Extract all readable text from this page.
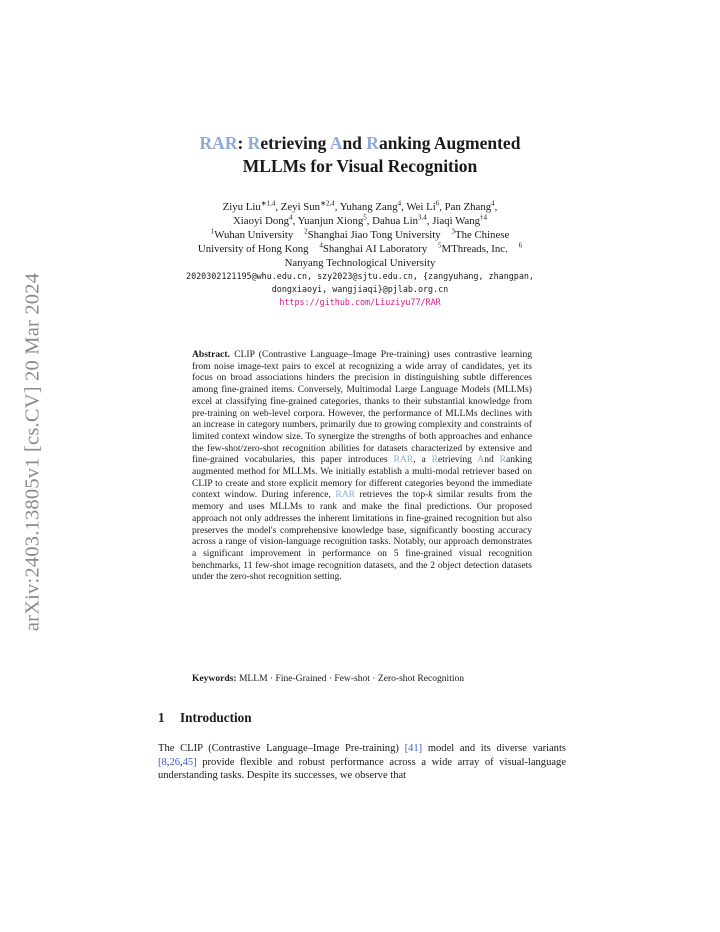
arXiv:2403.13805v1 [cs.CV] 20 Mar 2024
RAR: Retrieving And Ranking Augmented
MLLMs for Visual Recognition
Ziyu Liu$^{∗1,4}$, Zeyi Sun$^{∗2,4}$, Yuhang Zang$^4$, Wei Li$^6$, Pan Zhang$^4$,
Xiaoyi Dong$^4$, Yuanjun Xiong$^5$, Dahua Lin$^{3,4}$, Jiaqi Wang$^{\dagger 4}$
$^1$Wuhan University $^2$Shanghai Jiao Tong University $^3$The Chinese
University of Hong Kong $^4$Shanghai AI Laboratory $^5$MThreads, Inc. $^6$
Nanyang Technological University
2020302121195@whu.edu.cn, szy2023@sjtu.edu.cn, {zangyuhang, zhangpan,
dongxiaoyi, wangjiaqi}@pjlab.org.cn
https://github.com/Liuziyu77/RAR
Abstract. CLIP (Contrastive Language–Image Pre-training) uses contrastive learning from noise image-text pairs to excel at recognizing a wide array of candidates, yet its focus on broad associations hinders the precision in distinguishing subtle differences among fine-grained items. Conversely, Multimodal Large Language Models (MLLMs) excel at classifying fine-grained categories, thanks to their substantial knowledge from pre-training on web-level corpora. However, the performance of MLLMs declines with an increase in category numbers, primarily due to growing complexity and constraints of limited context window size. To synergize the strengths of both approaches and enhance the few-shot/zero-shot recognition abilities for datasets characterized by extensive and fine-grained vocabularies, this paper introduces RAR, a Retrieving And Ranking augmented method for MLLMs. We initially establish a multi-modal retriever based on CLIP to create and store explicit memory for different categories beyond the immediate context window. During inference, RAR retrieves the top-k similar results from the memory and uses MLLMs to rank and make the final predictions. Our proposed approach not only addresses the inherent limitations in fine-grained recognition but also preserves the model's comprehensive knowledge base, significantly boosting accuracy across a range of vision-language recognition tasks. Notably, our approach demonstrates a significant improvement in performance on 5 fine-grained visual recognition benchmarks, 11 few-shot image recognition datasets, and the 2 object detection datasets under the zero-shot recognition setting.
Keywords: MLLM · Fine-Grained · Few-shot · Zero-shot Recognition
1 Introduction
The CLIP (Contrastive Language–Image Pre-training) [41] model and its diverse variants [8,26,45] provide flexible and robust performance across a wide array of visual-language understanding tasks. Despite its successes, we observe that
